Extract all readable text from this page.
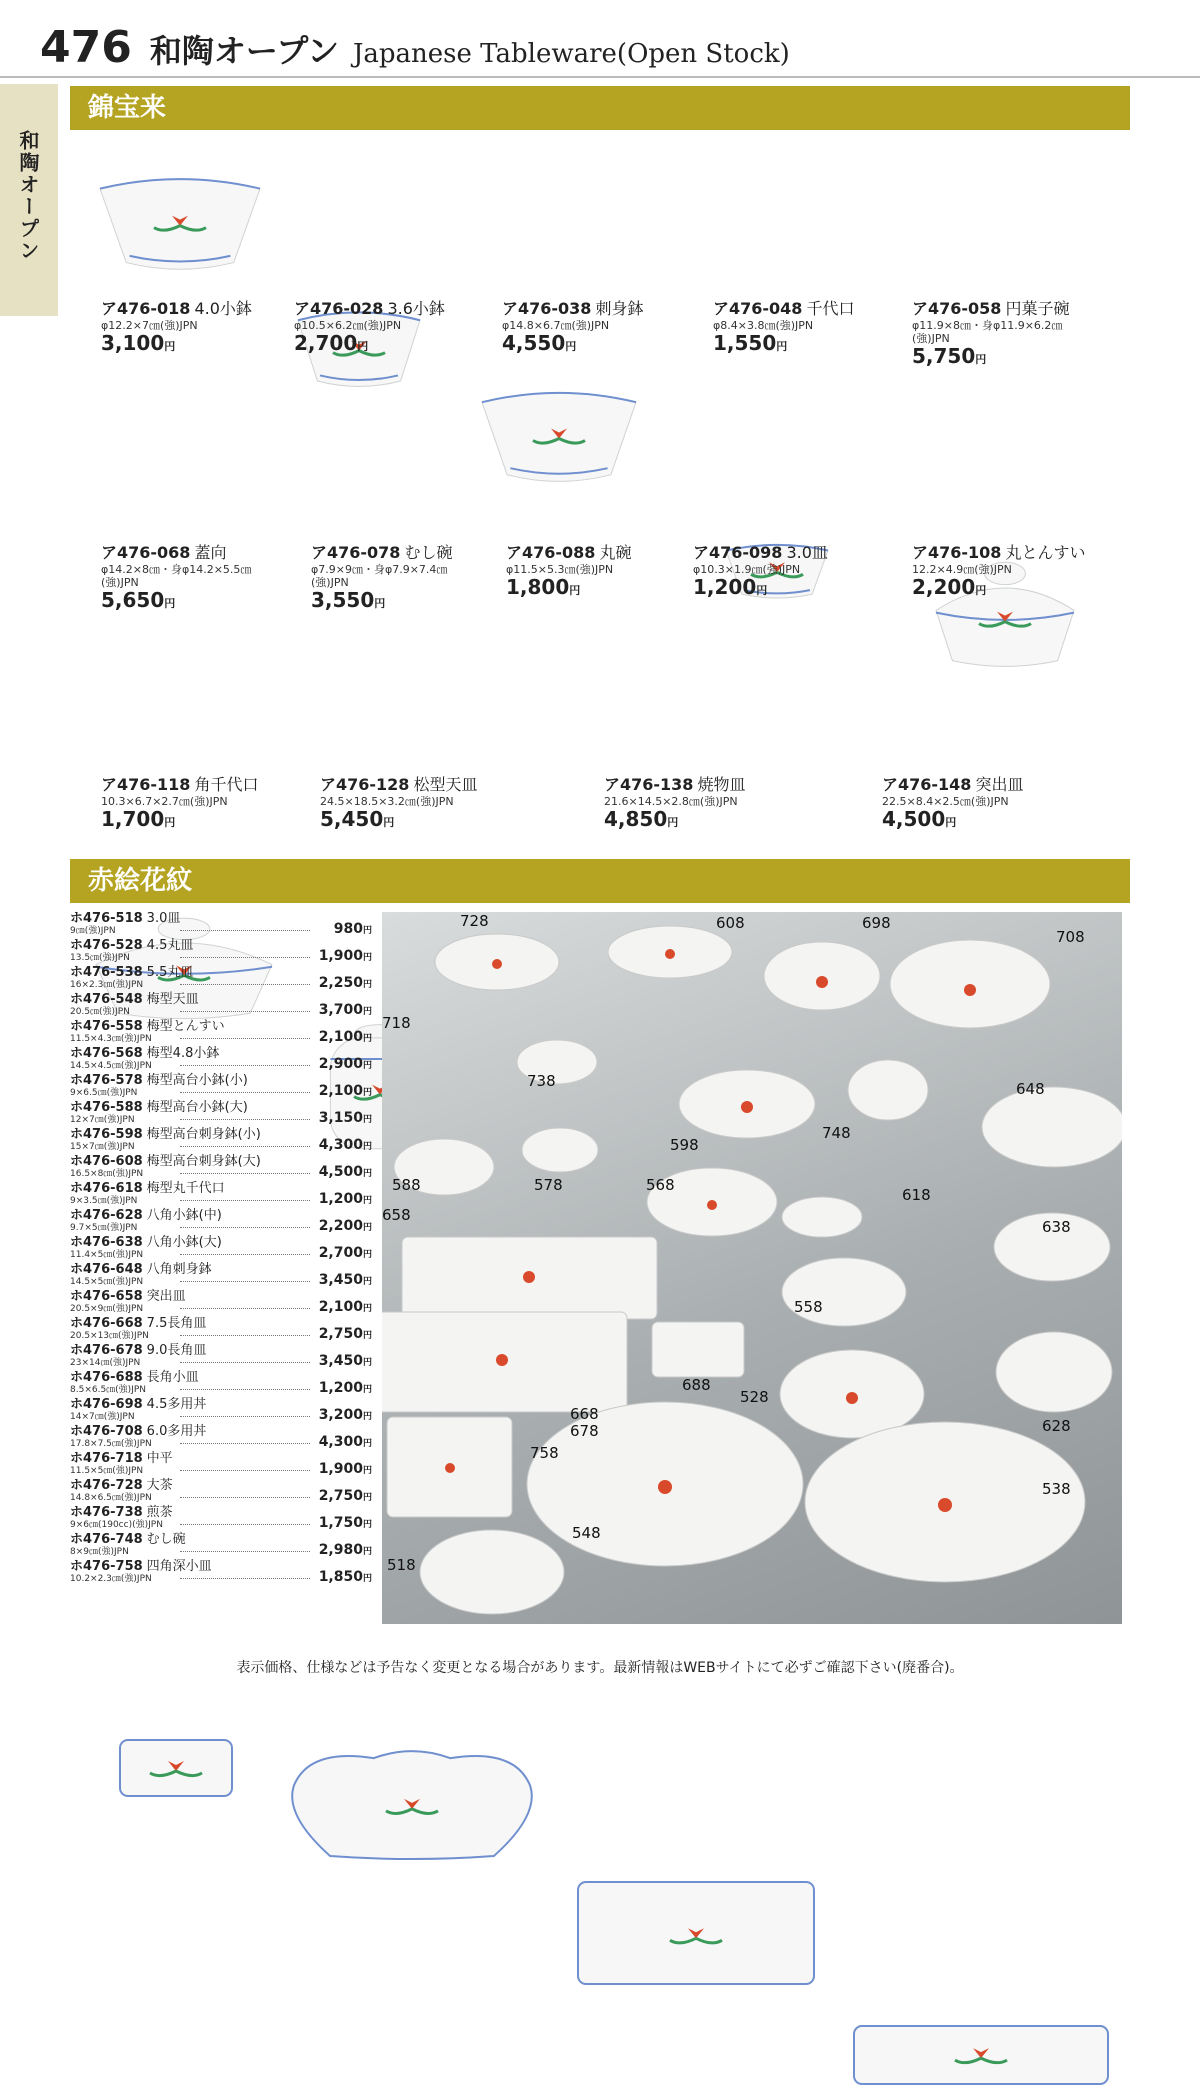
476 和陶オープン Japanese Tableware(Open Stock)
和陶オープン
錦宝来
ア476-018 4.0小鉢
φ12.2×7㎝(強)JPN
3,100円
ア476-028 3.6小鉢
φ10.5×6.2㎝(強)JPN
2,700円
ア476-038 刺身鉢
φ14.8×6.7㎝(強)JPN
4,550円
ア476-048 千代口
φ8.4×3.8㎝(強)JPN
1,550円
ア476-058 円菓子碗
φ11.9×8㎝・身φ11.9×6.2㎝
(強)JPN
5,750円
ア476-068 蓋向
φ14.2×8㎝・身φ14.2×5.5㎝
(強)JPN
5,650円
ア476-078 むし碗
φ7.9×9㎝・身φ7.9×7.4㎝
(強)JPN
3,550円
ア476-088 丸碗
φ11.5×5.3㎝(強)JPN
1,800円
ア476-098 3.0皿
φ10.3×1.9㎝(強)JPN
1,200円
ア476-108 丸とんすい
12.2×4.9㎝(強)JPN
2,200円
ア476-118 角千代口
10.3×6.7×2.7㎝(強)JPN
1,700円
ア476-128 松型天皿
24.5×18.5×3.2㎝(強)JPN
5,450円
ア476-138 焼物皿
21.6×14.5×2.8㎝(強)JPN
4,850円
ア476-148 突出皿
22.5×8.4×2.5㎝(強)JPN
4,500円
赤絵花紋
ホ476-518 3.0皿
9㎝(強)JPN	980円
ホ476-528 4.5丸皿
13.5㎝(強)JPN	1,900円
ホ476-538 5.5丸皿
16×2.3㎝(強)JPN	2,250円
ホ476-548 梅型天皿
20.5㎝(強)JPN	3,700円
ホ476-558 梅型とんすい
11.5×4.3㎝(強)JPN	2,100円
ホ476-568 梅型4.8小鉢
14.5×4.5㎝(強)JPN	2,900円
ホ476-578 梅型高台小鉢(小)
9×6.5㎝(強)JPN	2,100円
ホ476-588 梅型高台小鉢(大)
12×7㎝(強)JPN	3,150円
ホ476-598 梅型高台刺身鉢(小)
15×7㎝(強)JPN	4,300円
ホ476-608 梅型高台刺身鉢(大)
16.5×8㎝(強)JPN	4,500円
ホ476-618 梅型丸千代口
9×3.5㎝(強)JPN	1,200円
ホ476-628 八角小鉢(中)
9.7×5㎝(強)JPN	2,200円
ホ476-638 八角小鉢(大)
11.4×5㎝(強)JPN	2,700円
ホ476-648 八角刺身鉢
14.5×5㎝(強)JPN	3,450円
ホ476-658 突出皿
20.5×9㎝(強)JPN	2,100円
ホ476-668 7.5長角皿
20.5×13㎝(強)JPN	2,750円
ホ476-678 9.0長角皿
23×14㎝(強)JPN	3,450円
ホ476-688 長角小皿
8.5×6.5㎝(強)JPN	1,200円
ホ476-698 4.5多用丼
14×7㎝(強)JPN	3,200円
ホ476-708 6.0多用丼
17.8×7.5㎝(強)JPN	4,300円
ホ476-718 中平
11.5×5㎝(強)JPN	1,900円
ホ476-728 大茶
14.8×6.5㎝(強)JPN	2,750円
ホ476-738 煎茶
9×6㎝(190cc)(強)JPN	1,750円
ホ476-748 むし碗
8×9㎝(強)JPN	2,980円
ホ476-758 四角深小皿
10.2×2.3㎝(強)JPN	1,850円
728	608	698
708
718
738
598
748
648
588	578	568
618
658
638
558
688
528
668
678
758
628
538
548
518
表示価格、仕様などは予告なく変更となる場合があります。最新情報はWEBサイトにて必ずご確認下さい(廃番合)。
